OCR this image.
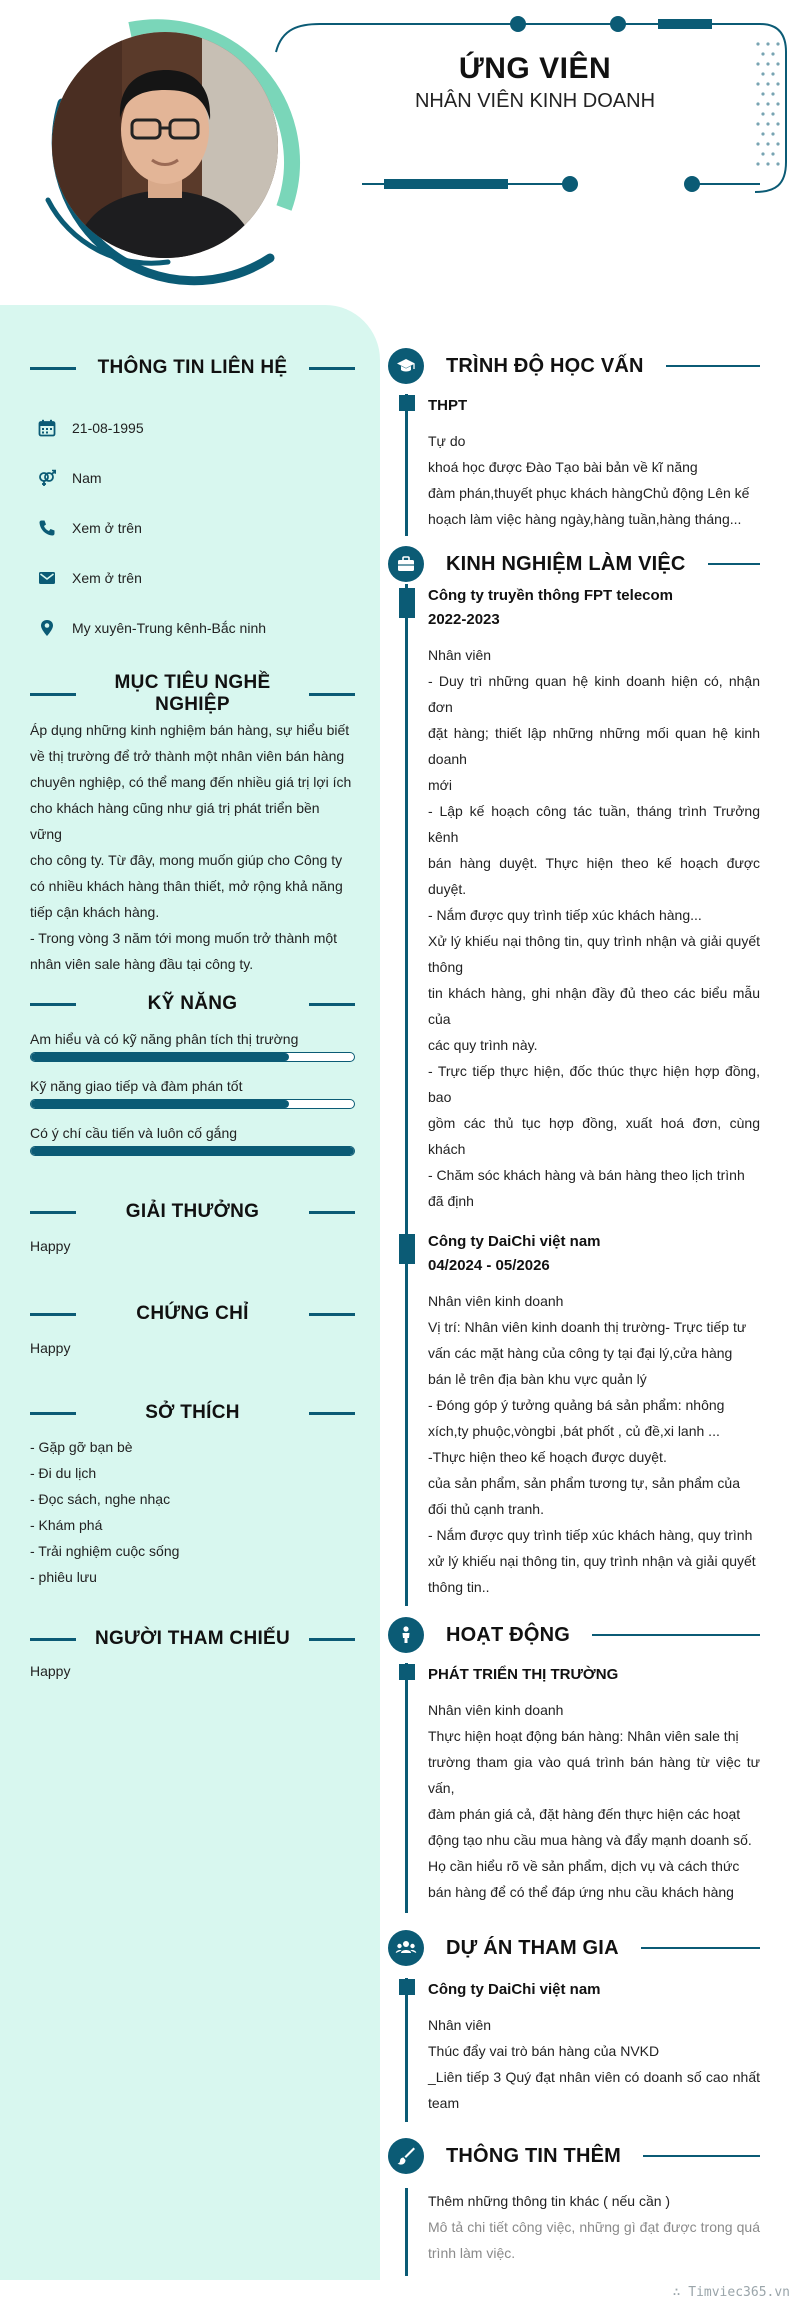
ỨNG VIÊN
NHÂN VIÊN KINH DOANH
THÔNG TIN LIÊN HỆ
21-08-1995
Nam
Xem ở trên
Xem ở trên
My xuyên-Trung kênh-Bắc ninh
MỤC TIÊU NGHỀ NGHIỆP
Áp dụng những kinh nghiệm bán hàng, sự hiểu biết
về thị trường để trở thành một nhân viên bán hàng
chuyên nghiệp, có thể mang đến nhiều giá trị lợi ích
cho khách hàng cũng như giá trị phát triển bền vững
cho công ty. Từ đây, mong muốn giúp cho Công ty
có nhiều khách hàng thân thiết, mở rộng khả năng
tiếp cận khách hàng.
- Trong vòng 3 năm tới mong muốn trở thành một
nhân viên sale hàng đầu tại công ty.
KỸ NĂNG
Am hiểu và có kỹ năng phân tích thị trường
Kỹ năng giao tiếp và đàm phán tốt
Có ý chí cầu tiến và luôn cố gắng
GIẢI THƯỞNG
Happy
CHỨNG CHỈ
Happy
SỞ THÍCH
- Gặp gỡ bạn bè
- Đi du lịch
- Đọc sách, nghe nhạc
- Khám phá
- Trải nghiệm cuộc sống
- phiêu lưu
NGƯỜI THAM CHIẾU
Happy
TRÌNH ĐỘ HỌC VẤN
THPT
Tự do
khoá học được Đào Tạo bài bản về kĩ năng
đàm phán,thuyết phục khách hàngChủ động Lên kế
hoạch làm việc hàng ngày,hàng tuần,hàng tháng...
KINH NGHIỆM LÀM VIỆC
Công ty truyền thông FPT telecom
2022-2023
Nhân viên
- Duy trì những quan hệ kinh doanh hiện có, nhận đơn
đặt hàng; thiết lập những những mối quan hệ kinh doanh
mới
- Lập kế hoạch công tác tuần, tháng trình Trưởng kênh
bán hàng duyệt. Thực hiện theo kế hoạch được duyệt.
- Nắm được quy trình tiếp xúc khách hàng...
Xử lý khiếu nại thông tin, quy trình nhận và giải quyết thông
tin khách hàng, ghi nhận đầy đủ theo các biểu mẫu của
các quy trình này.
- Trực tiếp thực hiện, đốc thúc thực hiện hợp đồng, bao
gồm các thủ tục hợp đồng, xuất hoá đơn, cùng khách
- Chăm sóc khách hàng và bán hàng theo lịch trình
đã định
Công ty DaiChi việt nam
04/2024 - 05/2026
Nhân viên kinh doanh
Vị trí: Nhân viên kinh doanh thị trường- Trực tiếp tư
vấn các mặt hàng của công ty tại đại lý,cửa hàng
bán lẻ trên địa bàn khu vực quản lý
- Đóng góp ý tưởng quảng bá sản phẩm: nhông
xích,ty phuộc,vòngbi ,bát phốt , củ đề,xi lanh ...
-Thực hiện theo kế hoạch được duyệt.
của sản phẩm, sản phẩm tương tự, sản phẩm của
đối thủ cạnh tranh.
- Nắm được quy trình tiếp xúc khách hàng, quy trình
xử lý khiếu nại thông tin, quy trình nhận và giải quyết
thông tin..
HOẠT ĐỘNG
PHÁT TRIỂN THỊ TRƯỜNG
Nhân viên kinh doanh
Thực hiện hoạt động bán hàng: Nhân viên sale thị
trường tham gia vào quá trình bán hàng từ việc tư vấn,
đàm phán giá cả, đặt hàng đến thực hiện các hoạt
động tạo nhu cầu mua hàng và đẩy mạnh doanh số.
Họ cần hiểu rõ về sản phẩm, dịch vụ và cách thức
bán hàng để có thể đáp ứng nhu cầu khách hàng
DỰ ÁN THAM GIA
Công ty DaiChi việt nam
Nhân viên
Thúc đẩy vai trò bán hàng của NVKD
_Liên tiếp 3 Quý đạt nhân viên có doanh số cao nhất team
THÔNG TIN THÊM
Thêm những thông tin khác ( nếu cần )
Mô tả chi tiết công việc, những gì đạt được trong quá trình làm việc.
∴ Timviec365.vn
